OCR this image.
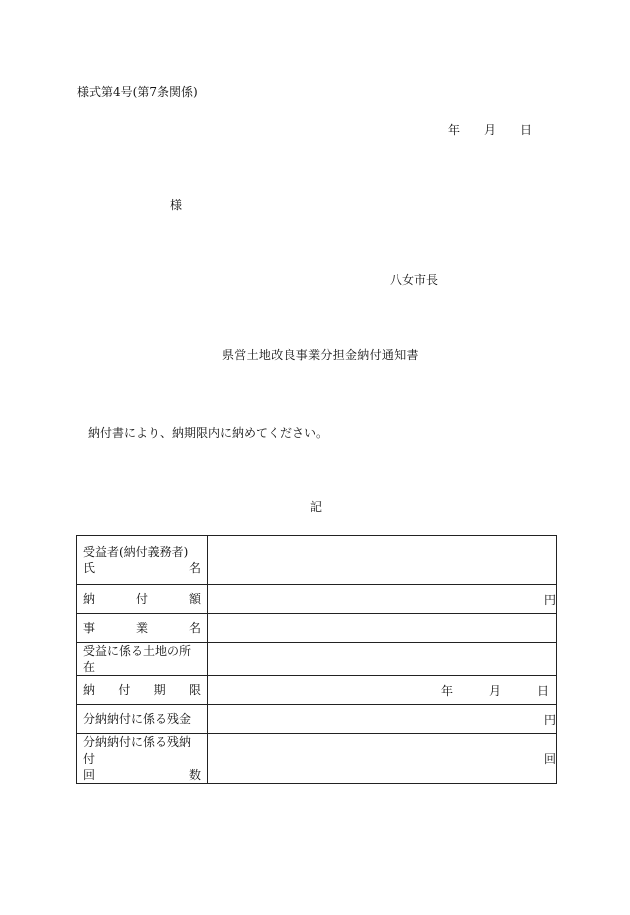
様式第4号(第7条関係)
年 月 日
様
八女市長
県営土地改良事業分担金納付通知書
納付書により、納期限内に納めてください。
記
受益者(納付義務者)
氏 名	

納 付 額	円

事 業 名	

受益に係る土地の所在	

納 付 期 限	年 月 日

分納納付に係る残金	円

分納納付に係る残納付
回 数	回
